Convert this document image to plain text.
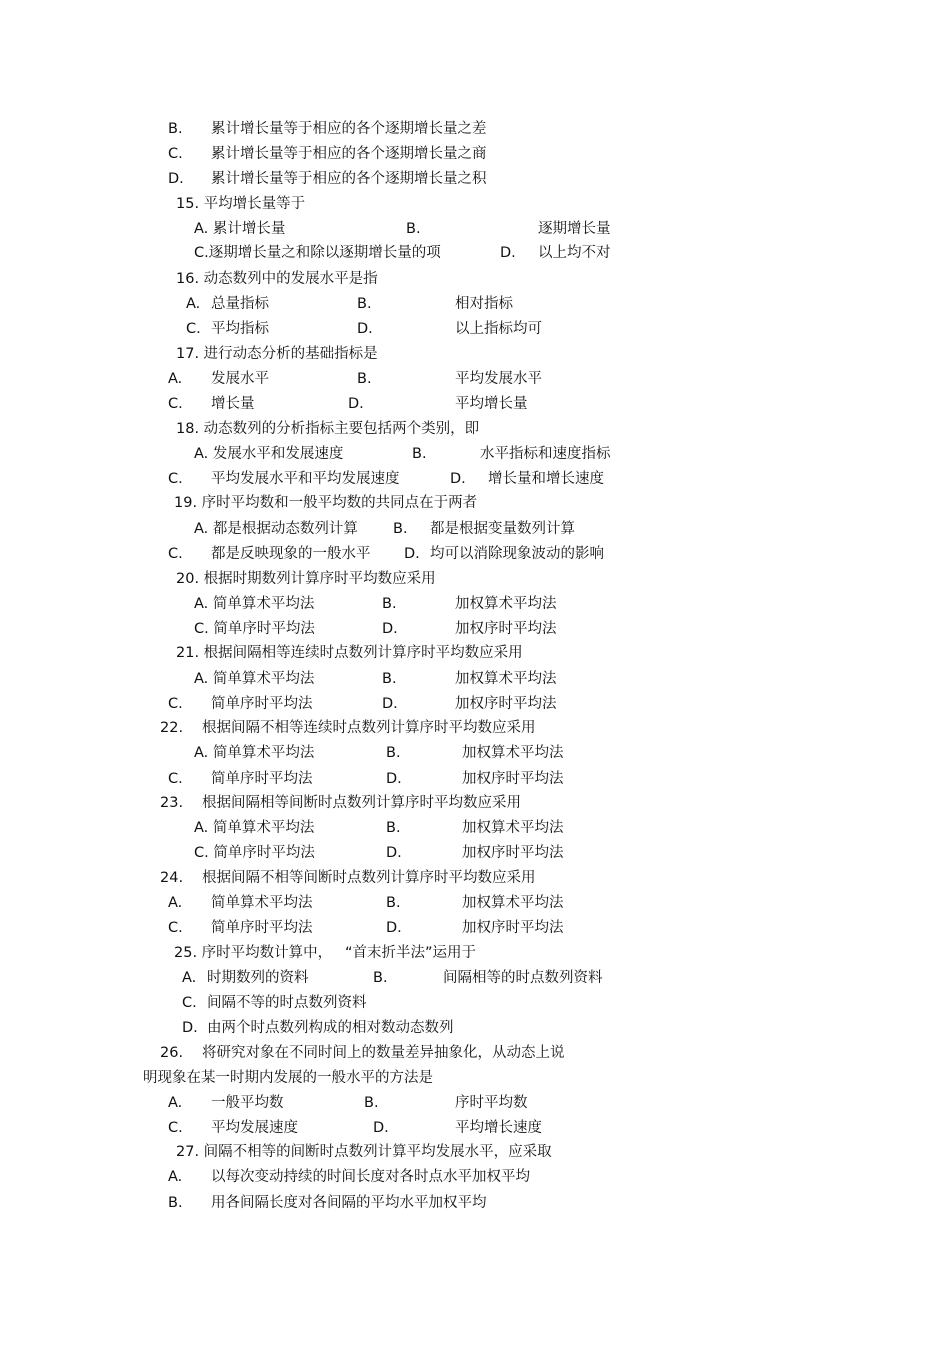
B. 累计增长量等于相应的各个逐期增长量之差
C. 累计增长量等于相应的各个逐期增长量之商
D. 累计增长量等于相应的各个逐期增长量之积
15. 平均增长量等于
A. 累计增长量	B.	逐期增长量
C.逐期增长量之和除以逐期增长量的项	D. 以上均不对
16. 动态数列中的发展水平是指
A. 总量指标	B.	相对指标
C. 平均指标	D.	以上指标均可
17. 进行动态分析的基础指标是
A. 发展水平	B.	平均发展水平
C. 增长量	D.	平均增长量
18. 动态数列的分析指标主要包括两个类别，即
A. 发展水平和发展速度	B.	水平指标和速度指标
C. 平均发展水平和平均发展速度	D. 增长量和增长速度
19. 序时平均数和一般平均数的共同点在于两者
A. 都是根据动态数列计算 B. 都是根据变量数列计算
C. 都是反映现象的一般水平 D. 均可以消除现象波动的影响
20. 根据时期数列计算序时平均数应采用
A. 简单算术平均法	B.	加权算术平均法
C. 简单序时平均法	D.	加权序时平均法
21. 根据间隔相等连续时点数列计算序时平均数应采用
A. 简单算术平均法	B.	加权算术平均法
C. 简单序时平均法	D.	加权序时平均法
22. 根据间隔不相等连续时点数列计算序时平均数应采用
A. 简单算术平均法	B.	加权算术平均法
C. 简单序时平均法	D.	加权序时平均法
23. 根据间隔相等间断时点数列计算序时平均数应采用
A. 简单算术平均法	B.	加权算术平均法
C. 简单序时平均法	D.	加权序时平均法
24. 根据间隔不相等间断时点数列计算序时平均数应采用
A. 简单算术平均法	B.	加权算术平均法
C. 简单序时平均法	D.	加权序时平均法
25. 序时平均数计算中， “首末折半法”运用于
A. 时期数列的资料	B.	间隔相等的时点数列资料
C. 间隔不等的时点数列资料
D. 由两个时点数列构成的相对数动态数列
26. 将研究对象在不同时间上的数量差异抽象化，从动态上说
明现象在某一时期内发展的一般水平的方法是
A. 一般平均数	B.	序时平均数
C. 平均发展速度	D.	平均增长速度
27. 间隔不相等的间断时点数列计算平均发展水平，应采取
A. 以每次变动持续的时间长度对各时点水平加权平均
B. 用各间隔长度对各间隔的平均水平加权平均
